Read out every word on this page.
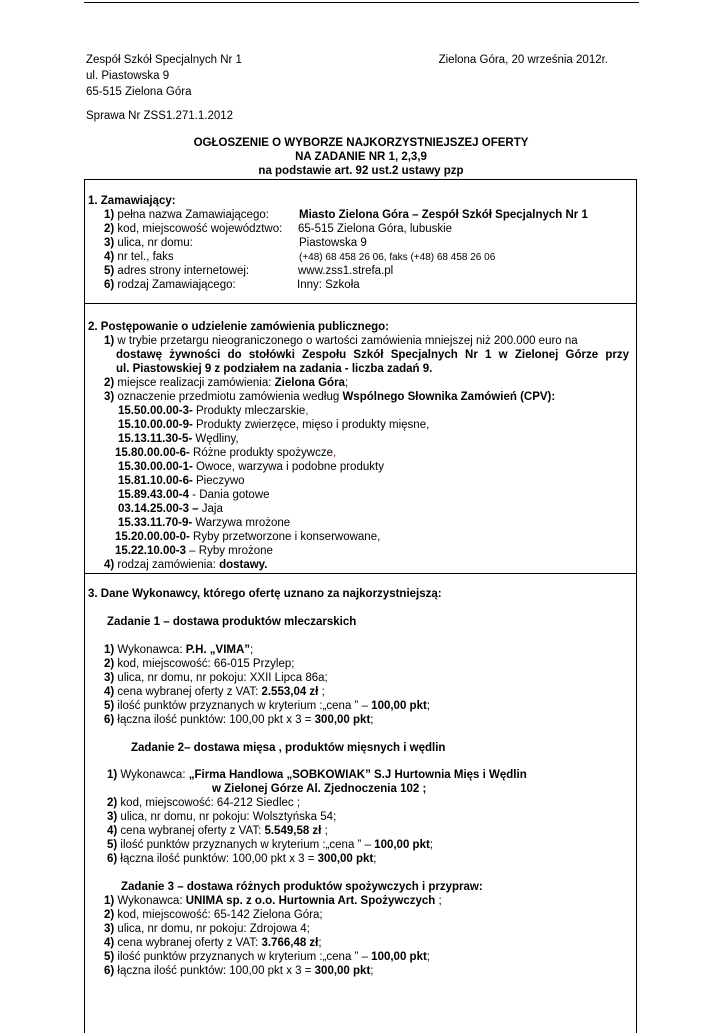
Zespół Szkół Specjalnych Nr 1
ul. Piastowska 9
65-515 Zielona Góra
Zielona Góra, 20 września 2012r.
Sprawa Nr ZSS1.271.1.2012
OGŁOSZENIE O WYBORZE NAJKORZYSTNIEJSZEJ OFERTY
NA ZADANIE NR 1, 2,3,9
na podstawie art. 92 ust.2 ustawy pzp
1. Zamawiający:
1) pełna nazwa Zamawiającego:	Miasto Zielona Góra – Zespół Szkół Specjalnych Nr 1
2) kod, miejscowość województwo: 65-515 Zielona Góra, lubuskie
3) ulica, nr domu:	Piastowska 9
4) nr tel., faks	(+48) 68 458 26 06, faks (+48) 68 458 26 06
5) adres strony internetowej:	www.zss1.strefa.pl
6) rodzaj Zamawiającego:	Inny: Szkoła
2. Postępowanie o udzielenie zamówienia publicznego:
1) w trybie przetargu nieograniczonego o wartości zamówienia mniejszej niż 200.000 euro na
dostawę żywności do stołówki Zespołu Szkół Specjalnych Nr 1 w Zielonej Górze przy
ul. Piastowskiej 9 z podziałem na zadania - liczba zadań 9.
2) miejsce realizacji zamówienia: Zielona Góra;
3) oznaczenie przedmiotu zamówienia według Wspólnego Słownika Zamówień (CPV):
15.50.00.00-3- Produkty mleczarskie,
15.10.00.00-9- Produkty zwierzęce, mięso i produkty mięsne,
15.13.11.30-5- Wędliny,
15.80.00.00-6- Różne produkty spożywcze,
15.30.00.00-1- Owoce, warzywa i podobne produkty
15.81.10.00-6- Pieczywo
15.89.43.00-4 - Dania gotowe
03.14.25.00-3 – Jaja
15.33.11.70-9- Warzywa mrożone
15.20.00.00-0- Ryby przetworzone i konserwowane,
15.22.10.00-3 – Ryby mrożone
4) rodzaj zamówienia: dostawy.
3. Dane Wykonawcy, którego ofertę uznano za najkorzystniejszą:
Zadanie 1 – dostawa produktów mleczarskich
1) Wykonawca: P.H. „VIMA”;
2) kod, miejscowość: 66-015 Przylep;
3) ulica, nr domu, nr pokoju: XXII Lipca 86a;
4) cena wybranej oferty z VAT: 2.553,04 zł ;
5) ilość punktów przyznanych w kryterium :„cena ” – 100,00 pkt;
6) łączna ilość punktów: 100,00 pkt x 3 = 300,00 pkt;
Zadanie 2– dostawa mięsa , produktów mięsnych i wędlin
1) Wykonawca: „Firma Handlowa „SOBKOWIAK” S.J Hurtownia Mięs i Wędlin
w Zielonej Górze Al. Zjednoczenia 102 ;
2) kod, miejscowość: 64-212 Siedlec ;
3) ulica, nr domu, nr pokoju: Wolsztyńska 54;
4) cena wybranej oferty z VAT: 5.549,58 zł ;
5) ilość punktów przyznanych w kryterium :„cena ” – 100,00 pkt;
6) łączna ilość punktów: 100,00 pkt x 3 = 300,00 pkt;
Zadanie 3 – dostawa różnych produktów spożywczych i przypraw:
1) Wykonawca: UNIMA sp. z o.o. Hurtownia Art. Spożywczych ;
2) kod, miejscowość: 65-142 Zielona Góra;
3) ulica, nr domu, nr pokoju: Zdrojowa 4;
4) cena wybranej oferty z VAT: 3.766,48 zł;
5) ilość punktów przyznanych w kryterium :„cena ” – 100,00 pkt;
6) łączna ilość punktów: 100,00 pkt x 3 = 300,00 pkt;
